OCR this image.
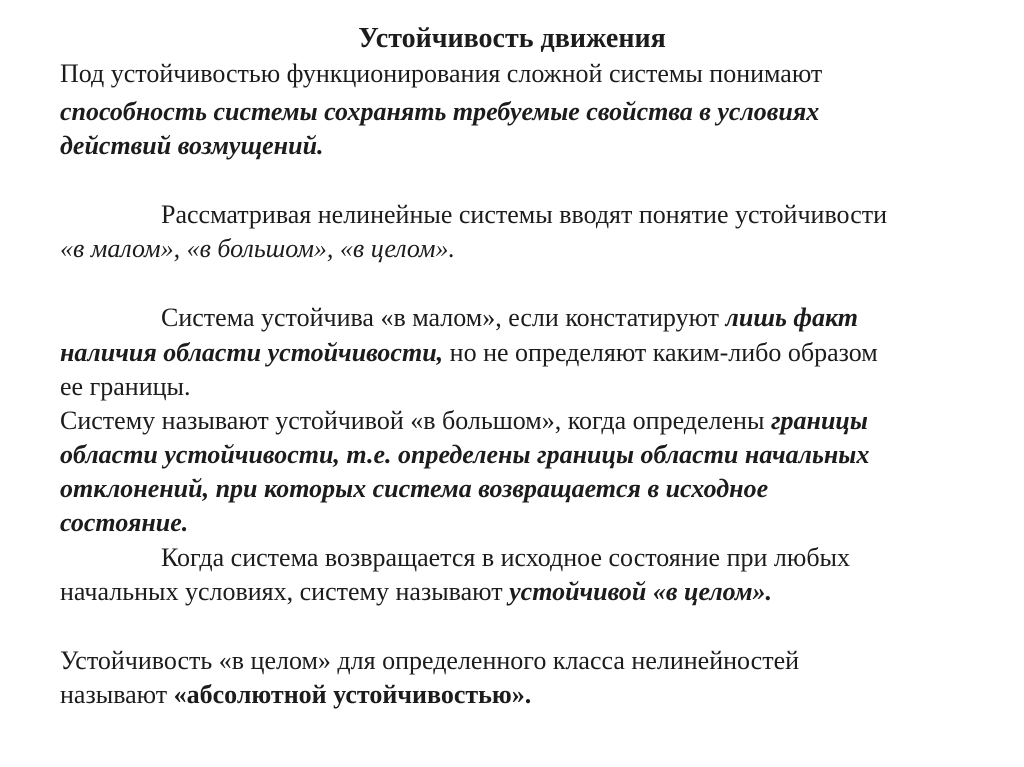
Устойчивость движения
Под устойчивостью функционирования сложной системы понимают
способность системы сохранять требуемые свойства в условиях
действий возмущений.
Рассматривая нелинейные системы вводят понятие устойчивости
«в малом», «в большом», «в целом».
Система устойчива «в малом», если констатируют лишь факт
наличия области устойчивости, но не определяют каким-либо образом
ее границы.
Систему называют устойчивой «в большом», когда определены границы
области устойчивости, т.е. определены границы области начальных
отклонений, при которых система возвращается в исходное
состояние.
Когда система возвращается в исходное состояние при любых
начальных условиях, систему называют устойчивой «в целом».
Устойчивость «в целом» для определенного класса нелинейностей
называют «абсолютной устойчивостью».
